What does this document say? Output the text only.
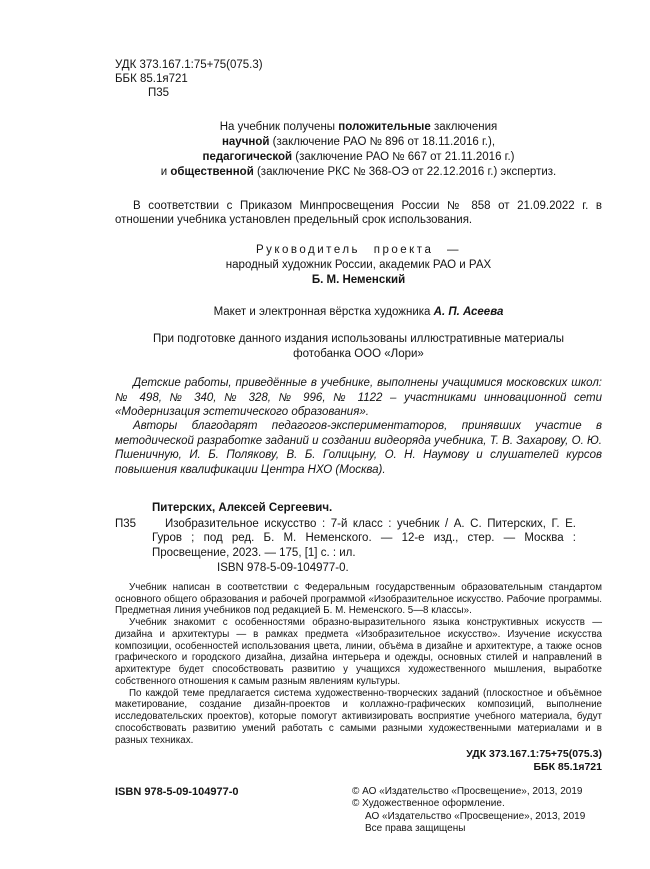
УДК 373.167.1:75+75(075.3)
ББК 85.1я721
П35
На учебник получены положительные заключения
научной (заключение РАО № 896 от 18.11.2016 г.),
педагогической (заключение РАО № 667 от 21.11.2016 г.)
и общественной (заключение РКС № 368-ОЭ от 22.12.2016 г.) экспертиз.

В соответствии с Приказом Минпросвещения России № 858 от 21.09.2022 г. в отношении учебника установлен предельный срок использования.

Руководитель проекта —
народный художник России, академик РАО и РАХ
Б. М. Неменский
Макет и электронная вёрстка художника А. П. Асеева

При подготовке данного издания использованы иллюстративные материалы фотобанка ООО «Лори»

Детские работы, приведённые в учебнике, выполнены учащимися московских школ: № 498, № 340, № 328, № 996, № 1122 – участниками инновационной сети «Модернизация эстетического образования».

Авторы благодарят педагогов-экспериментаторов, принявших участие в методической разработке заданий и создании видеоряда учебника, Т. В. Захарову, О. Ю. Пшеничную, И. Б. Полякову, В. Б. Голицыну, О. Н. Наумову и слушателей курсов повышения квалификации Центра НХО (Москва).

П35

Питерских, Алексей Сергеевич.

Изобразительное искусство : 7-й класс : учебник / А. С. Питерских, Г. Е. Гуров ; под ред. Б. М. Неменского. — 12-е изд., стер. — Москва : Просвещение, 2023. — 175, [1] с. : ил.

ISBN 978-5-09-104977-0.

Учебник написан в соответствии с Федеральным государственным образовательным стандартом основного общего образования и рабочей программой «Изобразительное искусство. Рабочие программы. Предметная линия учебников под редакцией Б. М. Неменского. 5—8 классы».

Учебник знакомит с особенностями образно-выразительного языка конструктивных искусств — дизайна и архитектуры — в рамках предмета «Изобразительное искусство». Изучение искусства композиции, особенностей использования цвета, линии, объёма в дизайне и архитектуре, а также основ графического и городского дизайна, дизайна интерьера и одежды, основных стилей и направлений в архитектуре будет способствовать развитию у учащихся художественного мышления, выработке собственного отношения к самым разным явлениям культуры.

По каждой теме предлагается система художественно-творческих заданий (плоскостное и объёмное макетирование, создание дизайн-проектов и коллажно-графических композиций, выполнение исследовательских проектов), которые помогут активизировать восприятие учебного материала, будут способствовать развитию умений работать с самыми разными художественными материалами и в разных техниках.

УДК 373.167.1:75+75(075.3)
ББК 85.1я721
ISBN 978-5-09-104977-0	© АО «Издательство «Просвещение», 2013, 2019
© Художественное оформление.
АО «Издательство «Просвещение», 2013, 2019
Все права защищены
